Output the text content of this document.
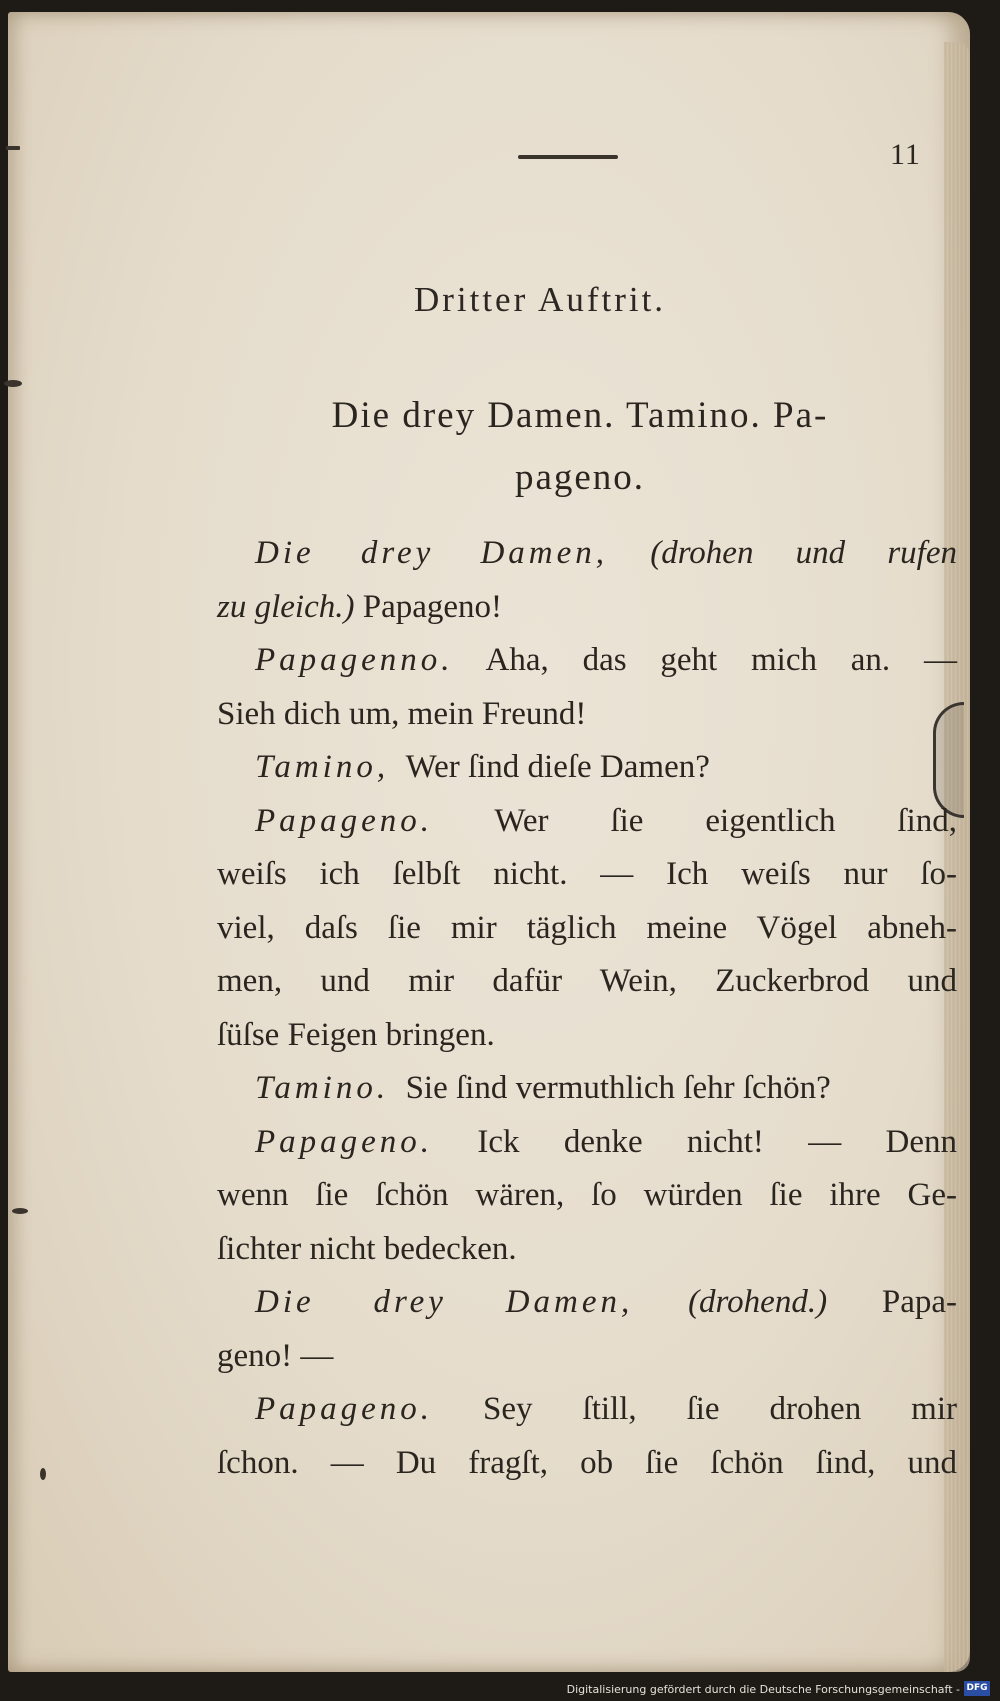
11
Dritter Auftrit.
Die drey Damen. Tamino. Pa-
pageno.
Die drey Damen, (drohen und rufen
zu gleich.) Papageno!
Papagenno. Aha, das geht mich an. —
Sieh dich um, mein Freund!
Tamino, Wer ſind dieſe Damen?
Papageno. Wer ſie eigentlich ſind,
weiſs ich ſelbſt nicht. — Ich weiſs nur ſo-
viel, daſs ſie mir täglich meine Vögel abneh-
men, und mir dafür Wein, Zuckerbrod und
ſüſse Feigen bringen.
Tamino. Sie ſind vermuthlich ſehr ſchön?
Papageno. Ick denke nicht! — Denn
wenn ſie ſchön wären, ſo würden ſie ihre Ge-
ſichter nicht bedecken.
Die drey Damen, (drohend.) Papa-
geno! —
Papageno. Sey ſtill, ſie drohen mir
ſchon. — Du fragſt, ob ſie ſchön ſind, und
Digitalisierung gefördert durch die Deutsche Forschungsgemeinschaft - DFG
